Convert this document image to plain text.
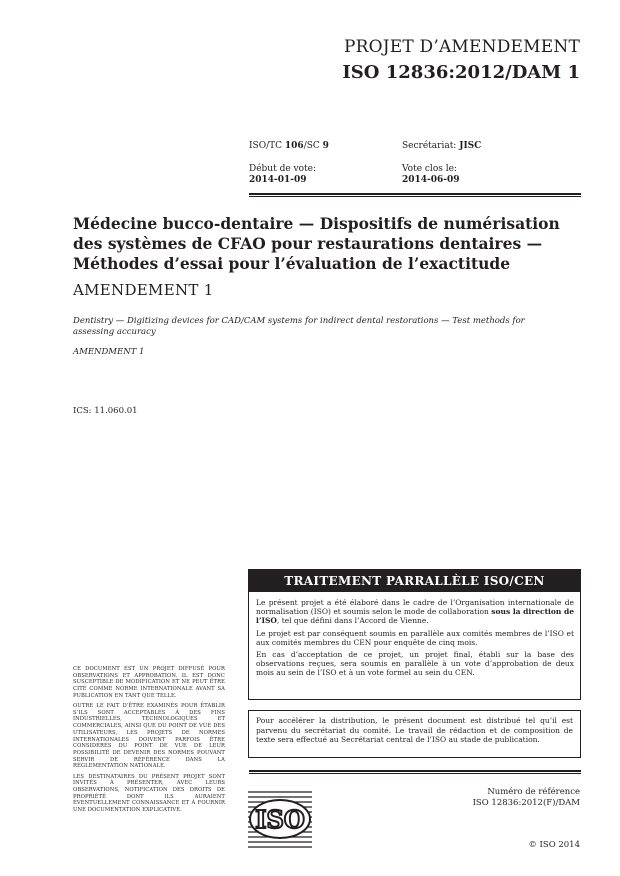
PROJET D’AMENDEMENT
ISO 12836:2012/DAM 1
ISO/TC 106/SC 9	Secrétariat: JISC
Début de vote:
2014-01-09
Vote clos le:
2014-06-09
Médecine bucco-dentaire — Dispositifs de numérisation
des systèmes de CFAO pour restaurations dentaires —
Méthodes d’essai pour l’évaluation de l’exactitude
AMENDEMENT 1
Dentistry — Digitizing devices for CAD/CAM systems for indirect dental restorations — Test methods for
assessing accuracy
AMENDMENT 1
ICS: 11.060.01
TRAITEMENT PARRALLÈLE ISO/CEN
Le présent projet a été élaboré dans le cadre de l’Organisation internationale de normalisation (ISO) et soumis selon le mode de collaboration sous la direction de l’ISO, tel que défini dans l’Accord de Vienne.
Le projet est par conséquent soumis en parallèle aux comités membres de l’ISO et aux comités membres du CEN pour enquête de cinq mois.
En cas d’acceptation de ce projet, un projet final, établi sur la base des observations reçues, sera soumis en parallèle à un vote d’approbation de deux mois au sein de l’ISO et à un vote formel au sein du CEN.
Pour accélérer la distribution, le présent document est distribué tel qu’il est parvenu du secrétariat du comité. Le travail de rédaction et de composition de texte sera effectué au Secrétariat central de l’ISO au stade de publication.

CE DOCUMENT EST UN PROJET DIFFUSÉ POUR OBSERVATIONS ET APPROBATION. IL EST DONC SUSCEPTIBLE DE MODIFICATION ET NE PEUT ÊTRE CITÉ COMME NORME INTERNATIONALE AVANT SA PUBLICATION EN TANT QUE TELLE.

OUTRE LE FAIT D’ÊTRE EXAMINÉS POUR ÉTABLIR S’ILS SONT ACCEPTABLES À DES FINS INDUSTRIELLES, TECHNOLOGIQUES ET COMMERCIALES, AINSI QUE DU POINT DE VUE DES UTILISATEURS, LES PROJETS DE NORMES INTERNATIONALES DOIVENT PARFOIS ÊTRE CONSIDÉRÉS DU POINT DE VUE DE LEUR POSSIBILITÉ DE DEVENIR DES NORMES POUVANT SERVIR DE RÉFÉRENCE DANS LA RÉGLEMENTATION NATIONALE.

LES DESTINATAIRES DU PRÉSENT PROJET SONT INVITÉS À PRÉSENTER, AVEC LEURS OBSERVATIONS, NOTIFICATION DES DROITS DE PROPRIÉTÉ DONT ILS AURAIENT ÉVENTUELLEMENT CONNAISSANCE ET À FOURNIR UNE DOCUMENTATION EXPLICATIVE.	ISO
Numéro de référence
ISO 12836:2012(F)/DAM
© ISO 2014
